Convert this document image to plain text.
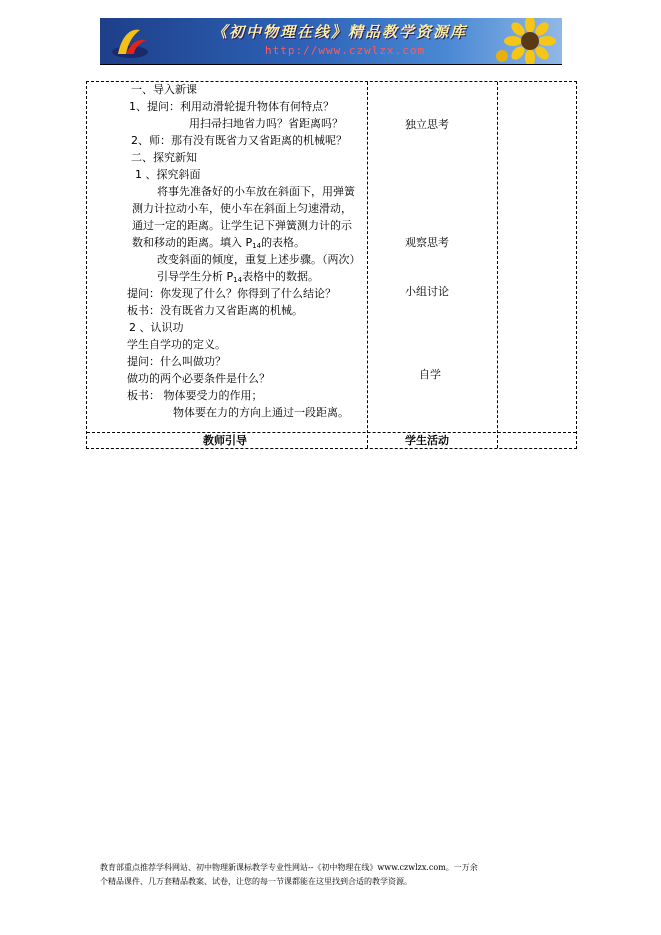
《初中物理在线》精品教学资源库
http://www.czwlzx.com
一、导入新课
1、提问：利用动滑轮提升物体有何特点？
用扫帚扫地省力吗？省距离吗？
2、师：那有没有既省力又省距离的机械呢？
二、探究新知
1 、探究斜面
将事先准备好的小车放在斜面下，用弹簧
测力计拉动小车，使小车在斜面上匀速滑动，
通过一定的距离。让学生记下弹簧测力计的示
数和移动的距离。填入 $P_{14}$的表格。
改变斜面的倾度，重复上述步骤。（两次）
引导学生分析 $P_{14}$表格中的数据。
提问：你发现了什么？你得到了什么结论？
板书：没有既省力又省距离的机械。
2 、认识功
学生自学功的定义。
提问：什么叫做功？
做功的两个必要条件是什么？
板书： 物体要受力的作用；
物体要在力的方向上通过一段距离。
独立思考
观察思考
小组讨论
自学
教师引导	学生活动
教育部重点推荐学科网站、初中物理新课标教学专业性网站--《初中物理在线》www.czwlzx.com。一万余
个精品课件、几万套精品教案、试卷，让您的每一节课都能在这里找到合适的教学资源。
